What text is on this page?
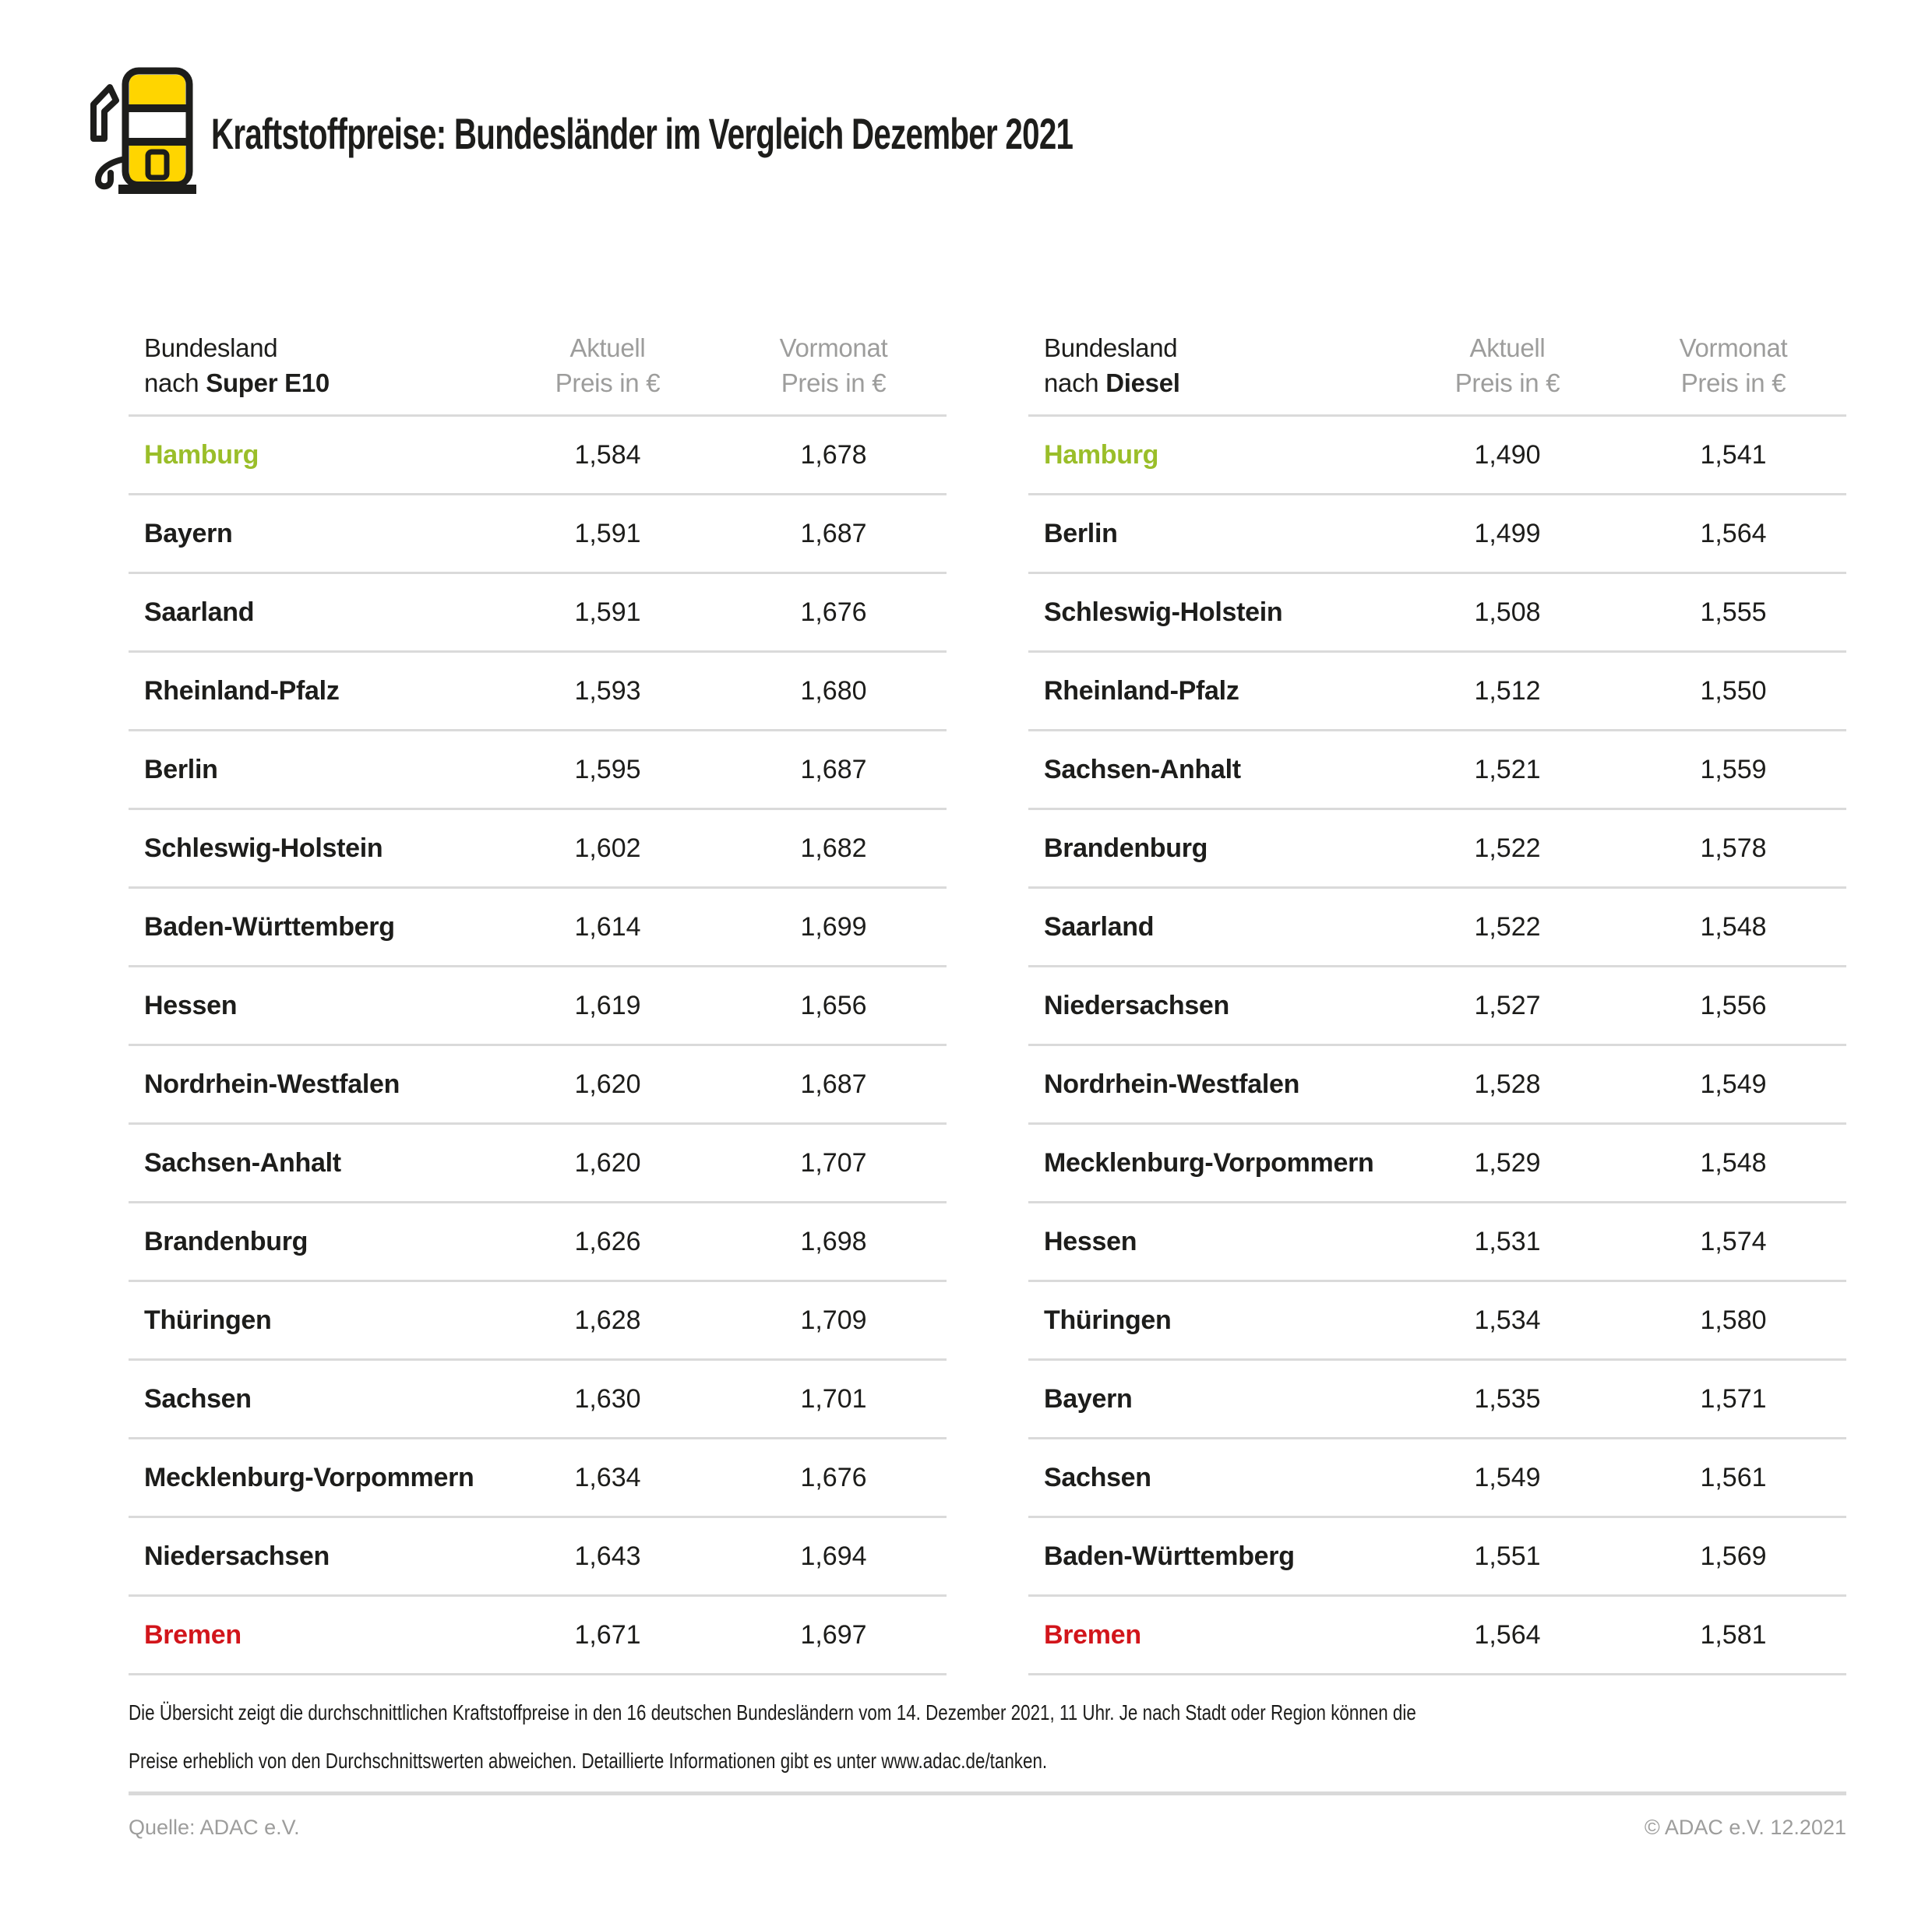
Kraftstoffpreise: Bundesländer im Vergleich Dezember 2021
Bundesland
nach Super E10
Aktuell
Preis in €
Vormonat
Preis in €
Hamburg	1,584	1,678
Bayern	1,591	1,687
Saarland	1,591	1,676
Rheinland-Pfalz	1,593	1,680
Berlin	1,595	1,687
Schleswig-Holstein	1,602	1,682
Baden-Württemberg	1,614	1,699
Hessen	1,619	1,656
Nordrhein-Westfalen	1,620	1,687
Sachsen-Anhalt	1,620	1,707
Brandenburg	1,626	1,698
Thüringen	1,628	1,709
Sachsen	1,630	1,701
Mecklenburg-Vorpommern	1,634	1,676
Niedersachsen	1,643	1,694
Bremen	1,671	1,697
Bundesland
nach Diesel
Aktuell
Preis in €
Vormonat
Preis in €
Hamburg	1,490	1,541
Berlin	1,499	1,564
Schleswig-Holstein	1,508	1,555
Rheinland-Pfalz	1,512	1,550
Sachsen-Anhalt	1,521	1,559
Brandenburg	1,522	1,578
Saarland	1,522	1,548
Niedersachsen	1,527	1,556
Nordrhein-Westfalen	1,528	1,549
Mecklenburg-Vorpommern	1,529	1,548
Hessen	1,531	1,574
Thüringen	1,534	1,580
Bayern	1,535	1,571
Sachsen	1,549	1,561
Baden-Württemberg	1,551	1,569
Bremen	1,564	1,581
Die Übersicht zeigt die durchschnittlichen Kraftstoffpreise in den 16 deutschen Bundesländern vom 14. Dezember 2021, 11 Uhr. Je nach Stadt oder Region können die
Preise erheblich von den Durchschnittswerten abweichen. Detaillierte Informationen gibt es unter www.adac.de/tanken.
Quelle: ADAC e.V.	© ADAC e.V. 12.2021
